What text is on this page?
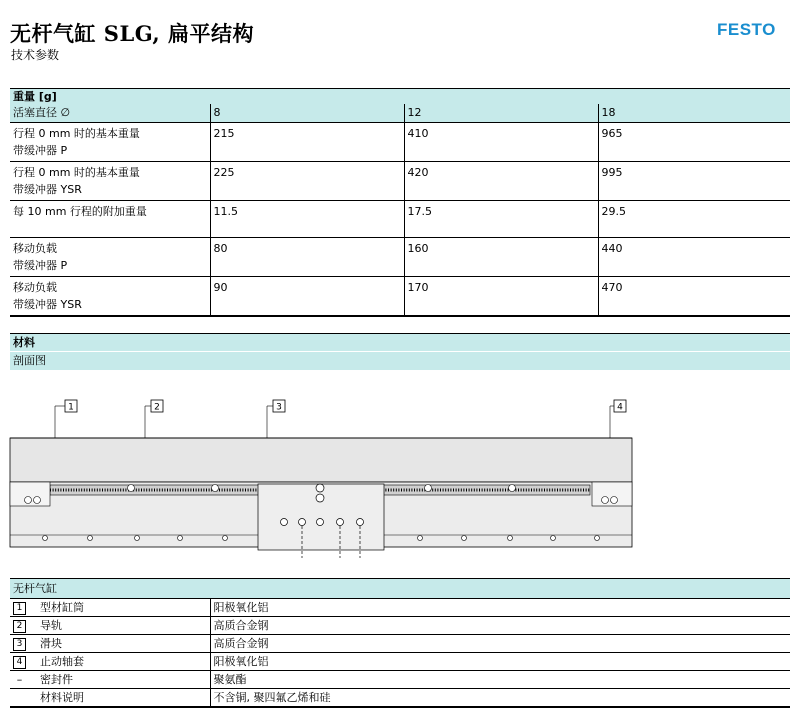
无杆气缸 SLG, 扁平结构
技术参数
FESTO
重量 [g]
活塞直径 ∅	8	12	18

行程 0 mm 时的基本重量
带缓冲器 P	215	410	965

行程 0 mm 时的基本重量
带缓冲器 YSR	225	420	995

每 10 mm 行程的附加重量	11.5	17.5	29.5

移动负载
带缓冲器 P	80	160	440

移动负载
带缓冲器 YSR	90	170	470
材料
剖面图
1	2	3	4
无杆气缸	
1 型材缸筒	阳极氧化铝
2 导轨	高质合金钢
3 滑块	高质合金钢
4 止动轴套	阳极氧化铝
– 密封件	聚氨酯
材料说明	不含铜, 聚四氟乙烯和硅
